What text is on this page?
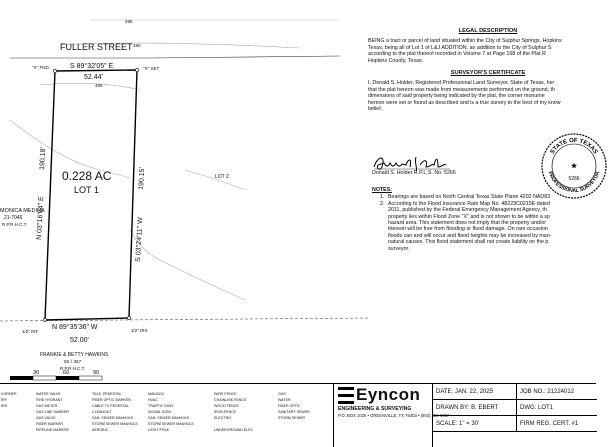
495
490
485
FULLER STREET
"X" FND.	"X" SET
S 89°32'05" E
52.44'
0.228 AC
LOT 1
N 03°16'04" E
190.18'
190.15'
S 03°24'11" W
LOT 2
MONICA MEDINA
21-7046
R.P.R.H.C.T.
N 89°35'36" W
52.00'
1/2" IRF	1/2" IRS
FRANKIE & BETTY HAWKINS
82 / 367
R.P.R.H.C.T.
30	60	90
LEGAL DESCRIPTION

BEING a tract or parcel of land situated within the City of Sulphur Springs, Hopkins

Texas, being all of Lot 1 of L&J ADDITION, an addition to the City of Sulphur S

according to the plat thereof recorded in Volume 7 at Page 168 of the Plat R

Hopkins County, Texas.

SURVEYOR'S CERTIFICATE

I, Donald S. Holder, Registered Professional Land Surveyor, State of Texas, her

that the plat hereon was made from measurements performed on the ground, th

dimensions of said property being indicated by the plat, the corner monume

hereon were set or found as described and is a true survey to the best of my know

belief.

Donald S. Holder R.P.L.S. No. 5266
STATE OF TEXAS
PROFESSIONAL SURVEYOR
★
5266
NOTES:
1. Bearings are based on North Central Texas State Plane 4202 NAD83
2. According to the Flood Insurance Rate Map No. 48223C0215E dated
2011, published by the Federal Emergency Management Agency, th
property lies within Flood Zone "X" and is not shown to be within a sp
hazard area. This statement does not imply that the property and/or
thereon will be free from flooding or flood damage. On rare occasion
floods can and will occur and flood heights may be increased by man-
natural causes. This flood statement shall not create liability on the p
surveyor.
CORNER
IRF
IRS
WATER VALVE
FIRE HYDRANT
GAS METER
GAS LINE MARKER
GAS VALVE
FIBER MARKER
PIPELINE MARKER
TELE. PEDESTAL
FIBER OPTIC MARKER
CABLE TV PEDESTAL
CLEANOUT
SAN. SEWER MANHOLE
STORM SEWER MANHOLE
AEROBIC
MAILBOX
HVAC
TRAFFIC SIGN
SIGNAL SIGN
SAN. SEWER MANHOLE
STORM SEWER MANHOLE
LIGHT POLE
WIRE FENCE
CHAINLINK FENCE
WOOD FENCE
IRON FENCE
ELECTRIC
UNDERGROUND ELEC.
GAS
WATER
FIBER OPTIC
SANITARY SEWER
STORM SEWER
Eyncon
ENGINEERING & SURVEYING
P.O. BOX 1025 • GREENVILLE, TX 75403 • (903) 450-9857
DATE: JAN. 22, 2025	JOB NO.: 21224012
DRAWN BY: B. EBERT	DWG: LOT1
SCALE: 1" = 30'	FIRM REG. CERT. #1
